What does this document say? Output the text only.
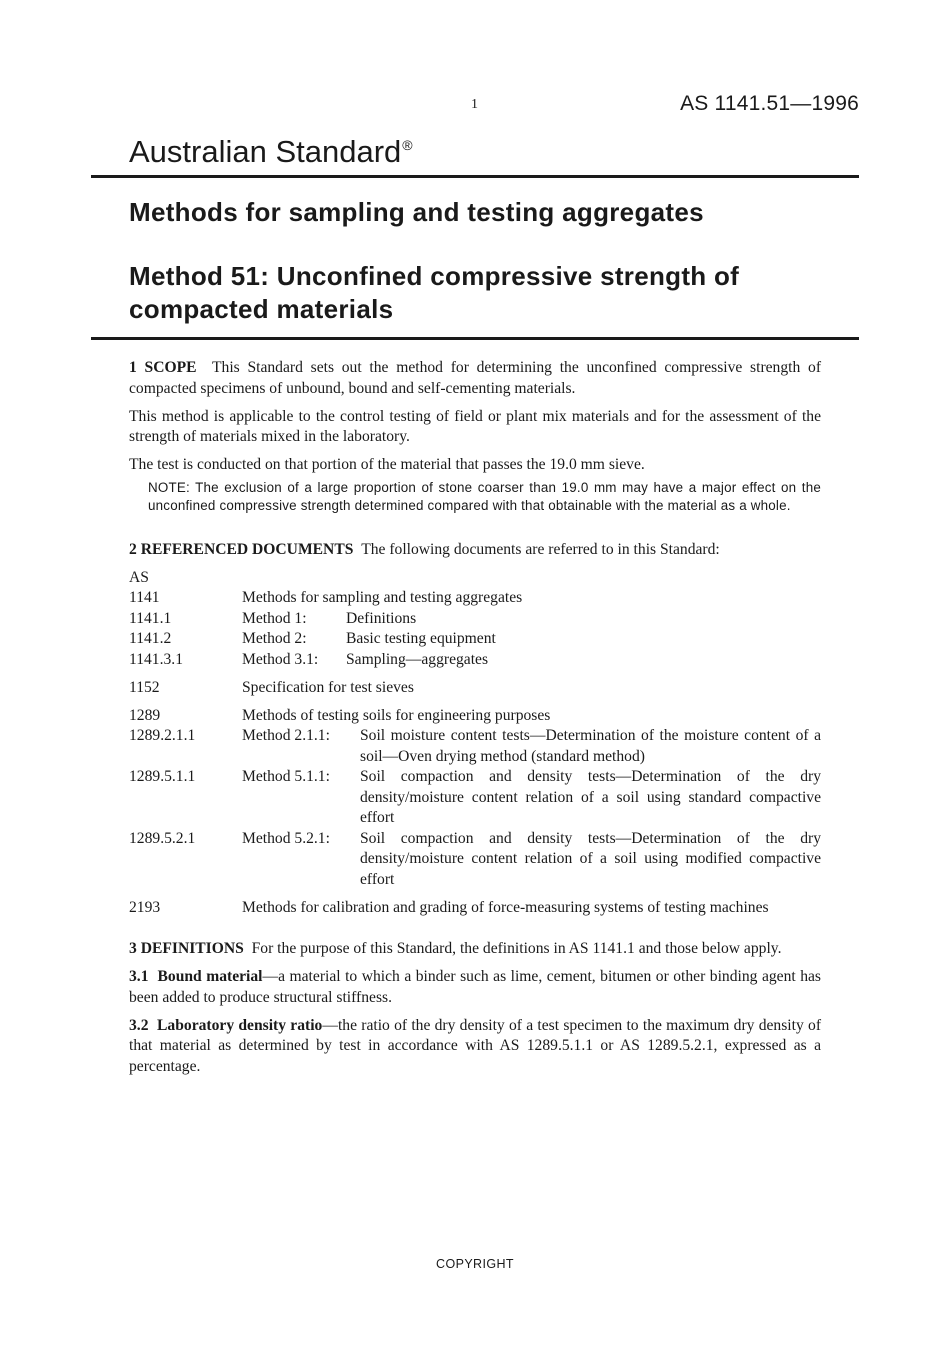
1	AS 1141.51—1996
Australian Standard®
Methods for sampling and testing aggregates
Method 51: Unconfined compressive strength of compacted materials

1 SCOPE This Standard sets out the method for determining the unconfined compressive strength of compacted specimens of unbound, bound and self-cementing materials.

This method is applicable to the control testing of field or plant mix materials and for the assessment of the strength of materials mixed in the laboratory.

The test is conducted on that portion of the material that passes the 19.0 mm sieve.

NOTE: The exclusion of a large proportion of stone coarser than 19.0 mm may have a major effect on the unconfined compressive strength determined compared with that obtainable with the material as a whole.

2 REFERENCED DOCUMENTS The following documents are referred to in this Standard:

AS
1141	Methods for sampling and testing aggregates
1141.1	Method 1:	Definitions
1141.2	Method 2:	Basic testing equipment
1141.3.1	Method 3.1:	Sampling—aggregates
1152	Specification for test sieves
1289	Methods of testing soils for engineering purposes
1289.2.1.1	Method 2.1.1:	Soil moisture content tests—Determination of the moisture content of a soil—Oven drying method (standard method)
1289.5.1.1	Method 5.1.1:	Soil compaction and density tests—Determination of the dry density/moisture content relation of a soil using standard compactive effort
1289.5.2.1	Method 5.2.1:	Soil compaction and density tests—Determination of the dry density/moisture content relation of a soil using modified compactive effort
2193	Methods for calibration and grading of force-measuring systems of testing machines

3 DEFINITIONS For the purpose of this Standard, the definitions in AS 1141.1 and those below apply.

3.1 Bound material—a material to which a binder such as lime, cement, bitumen or other binding agent has been added to produce structural stiffness.

3.2 Laboratory density ratio—the ratio of the dry density of a test specimen to the maximum dry density of that material as determined by test in accordance with AS 1289.5.1.1 or AS 1289.5.2.1, expressed as a percentage.

COPYRIGHT
